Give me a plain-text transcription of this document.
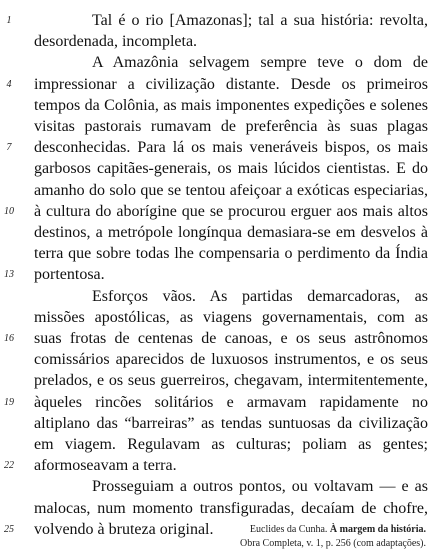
1	Tal é o rio [Amazonas]; tal a sua história: revolta,
desordenada, incompleta.
A Amazônia selvagem sempre teve o dom de
4	impressionar a civilização distante. Desde os primeiros
tempos da Colônia, as mais imponentes expedições e solenes
visitas pastorais rumavam de preferência às suas plagas
7	desconhecidas. Para lá os mais veneráveis bispos, os mais
garbosos capitães-generais, os mais lúcidos cientistas. E do
amanho do solo que se tentou afeiçoar a exóticas especiarias,
10 à cultura do aborígine que se procurou erguer aos mais altos
destinos, a metrópole longínqua demasiara-se em desvelos à
terra que sobre todas lhe compensaria o perdimento da Índia
13 portentosa.
Esforços vãos. As partidas demarcadoras, as
missões apostólicas, as viagens governamentais, com as
16 suas frotas de centenas de canoas, e os seus astrônomos
comissários aparecidos de luxuosos instrumentos, e os seus
prelados, e os seus guerreiros, chegavam, intermitentemente,
19 àqueles rincões solitários e armavam rapidamente no
altiplano das “barreiras” as tendas suntuosas da civilização
em viagem. Regulavam as culturas; poliam as gentes;
22 aformoseavam a terra.
Prosseguiam a outros pontos, ou voltavam — e as
malocas, num momento transfiguradas, decaíam de chofre,
25 volvendo à bruteza original.	Euclides da Cunha. À margem da história.
Obra Completa, v. 1, p. 256 (com adaptações).
